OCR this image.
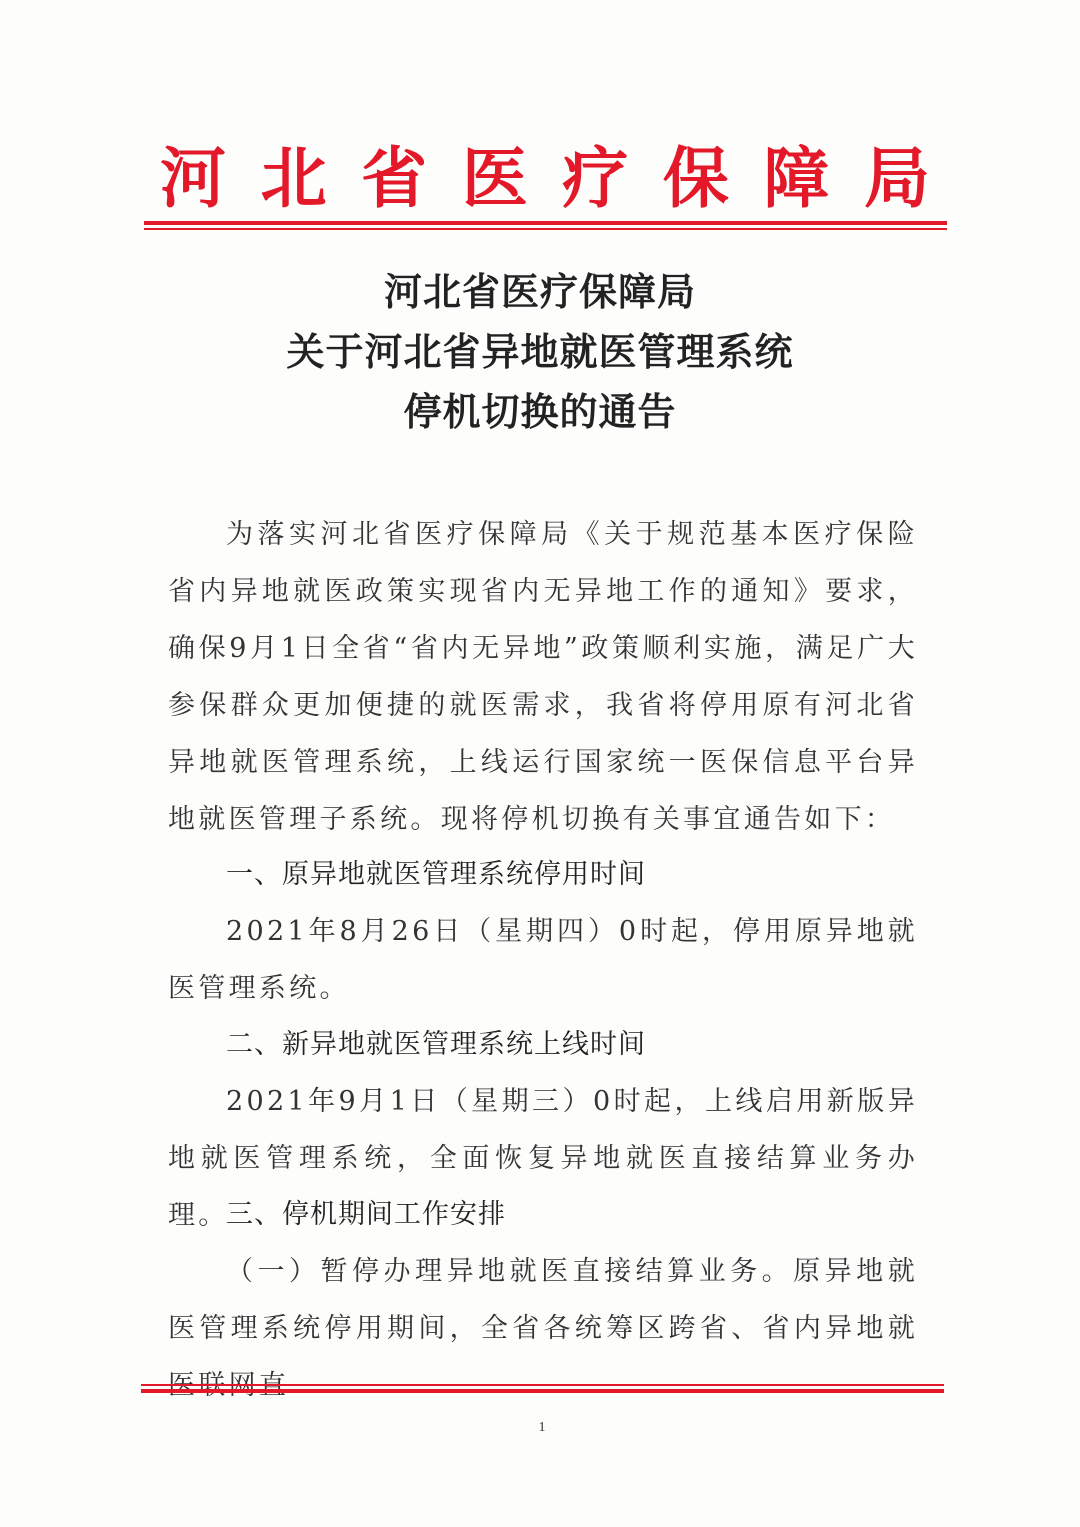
河 北 省 医 疗 保 障 局
河北省医疗保障局
关于河北省异地就医管理系统
停机切换的通告

为落实河北省医疗保障局《关于规范基本医疗保险省内异地就医政策实现省内无异地工作的通知》要求，确保9月1日全省“省内无异地”政策顺利实施，满足广大参保群众更加便捷的就医需求，我省将停用原有河北省异地就医管理系统，上线运行国家统一医保信息平台异地就医管理子系统。现将停机切换有关事宜通告如下：

一、原异地就医管理系统停用时间

2021年8月26日（星期四）0时起，停用原异地就医管理系统。

二、新异地就医管理系统上线时间

2021年9月1日（星期三）0时起，上线启用新版异地就医管理系统，全面恢复异地就医直接结算业务办理。

三、停机期间工作安排

（一）暂停办理异地就医直接结算业务。原异地就医管理系统停用期间，全省各统筹区跨省、省内异地就

1
